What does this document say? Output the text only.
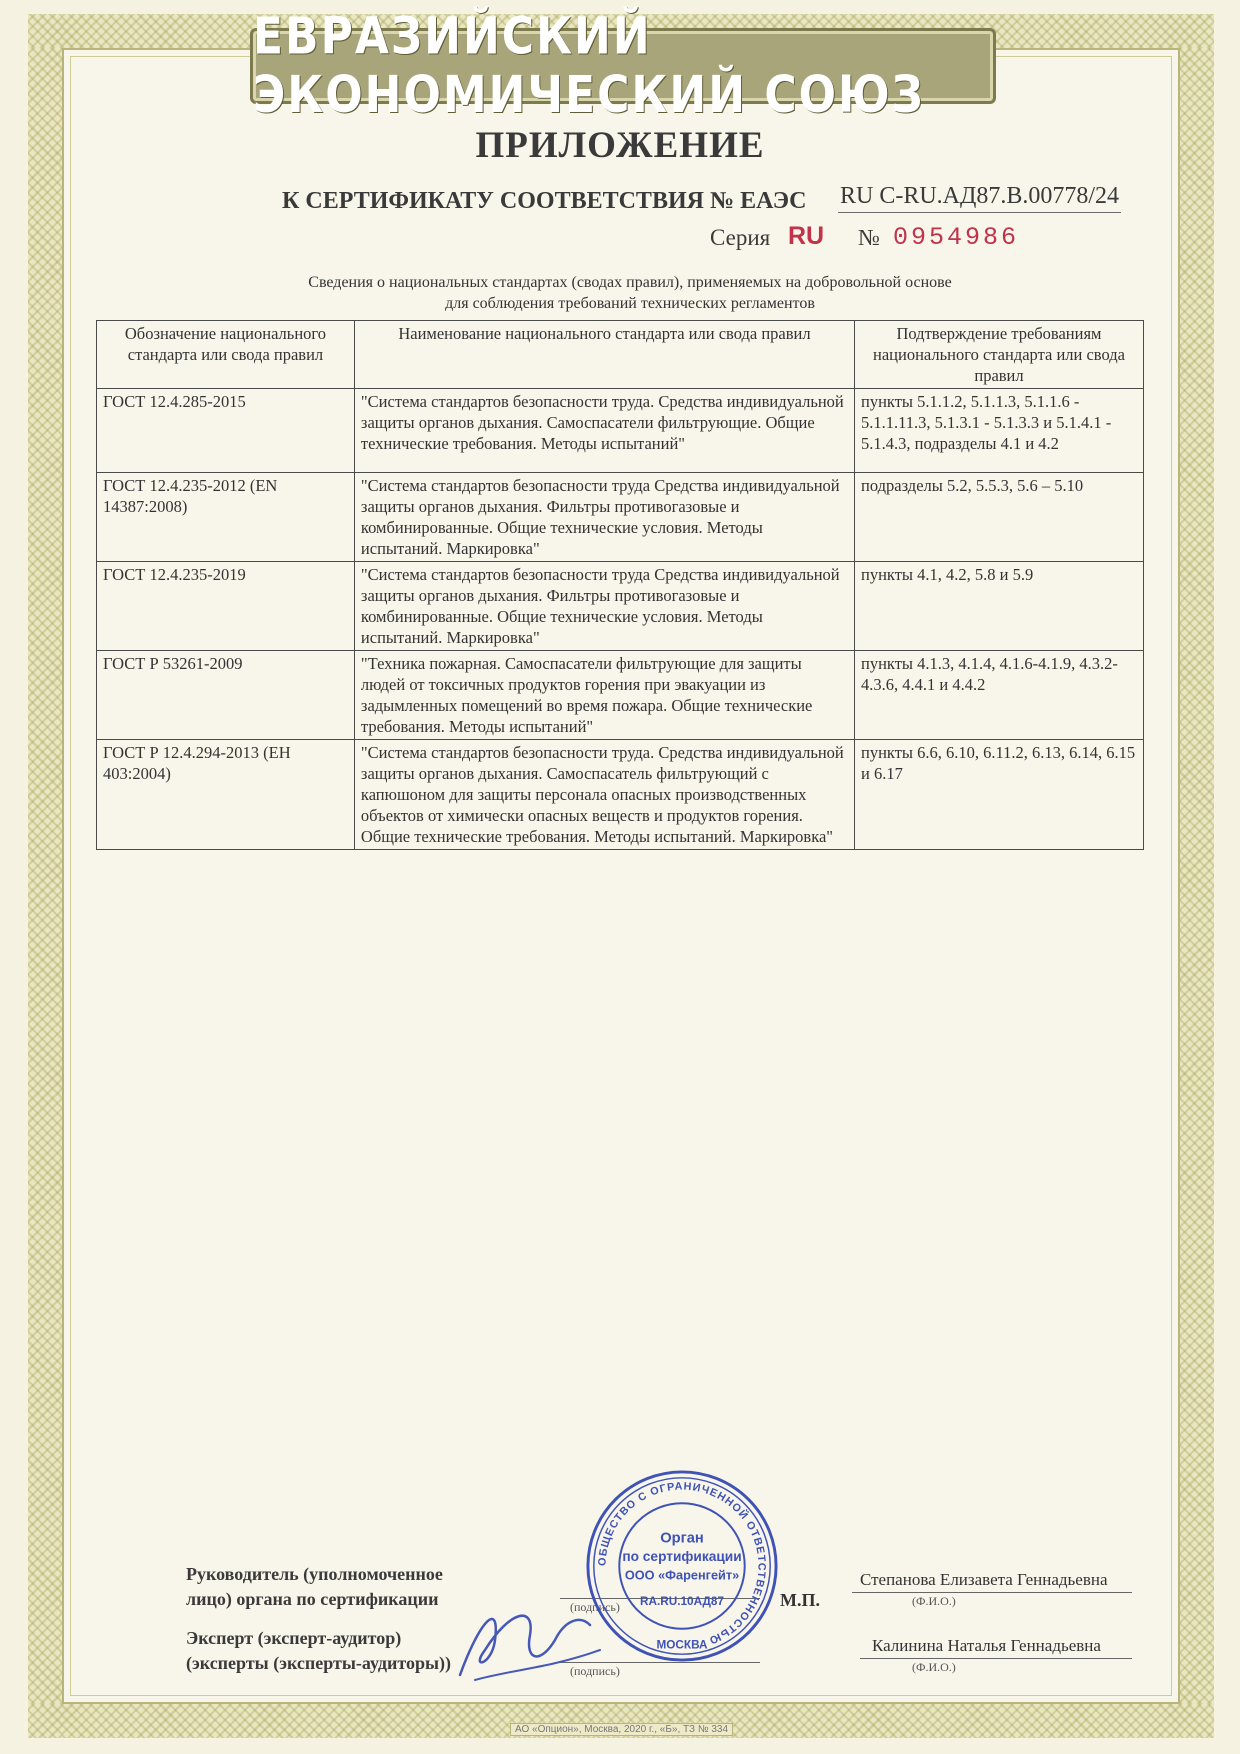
ЕВРАЗИЙСКИЙ ЭКОНОМИЧЕСКИЙ СОЮЗ
ПРИЛОЖЕНИЕ
К СЕРТИФИКАТУ СООТВЕТСТВИЯ № ЕАЭС RU C-RU.АД87.В.00778/24
Серия RU № 0954986
Сведения о национальных стандартах (сводах правил), применяемых на добровольной основе
для соблюдения требований технических регламентов
Обозначение национального стандарта или свода правил	Наименование национального стандарта или свода правил	Подтверждение требованиям национального стандарта или свода правил
ГОСТ 12.4.285-2015	"Система стандартов безопасности труда. Средства индивидуальной защиты органов дыхания. Самоспасатели фильтрующие. Общие технические требования. Методы испытаний"	пункты 5.1.1.2, 5.1.1.3, 5.1.1.6 - 5.1.1.11.3, 5.1.3.1 - 5.1.3.3 и 5.1.4.1 - 5.1.4.3, подразделы 4.1 и 4.2
ГОСТ 12.4.235-2012 (EN 14387:2008)	"Система стандартов безопасности труда Средства индивидуальной защиты органов дыхания. Фильтры противогазовые и комбинированные. Общие технические условия. Методы испытаний. Маркировка"	подразделы 5.2, 5.5.3, 5.6 – 5.10
ГОСТ 12.4.235-2019	"Система стандартов безопасности труда Средства индивидуальной защиты органов дыхания. Фильтры противогазовые и комбинированные. Общие технические условия. Методы испытаний. Маркировка"	пункты 4.1, 4.2, 5.8 и 5.9
ГОСТ Р 53261-2009	"Техника пожарная. Самоспасатели фильтрующие для защиты людей от токсичных продуктов горения при эвакуации из задымленных помещений во время пожара. Общие технические требования. Методы испытаний"	пункты 4.1.3, 4.1.4, 4.1.6-4.1.9, 4.3.2-4.3.6, 4.4.1 и 4.4.2
ГОСТ Р 12.4.294-2013 (ЕН 403:2004)	"Система стандартов безопасности труда. Средства индивидуальной защиты органов дыхания. Самоспасатель фильтрующий с капюшоном для защиты персонала опасных производственных объектов от химически опасных веществ и продуктов горения. Общие технические требования. Методы испытаний. Маркировка"	пункты 6.6, 6.10, 6.11.2, 6.13, 6.14, 6.15 и 6.17
Руководитель (уполномоченное
лицо) органа по сертификации	(подпись)
Степанова Елизавета Геннадьевна
(Ф.И.О.)
М.П.
Эксперт (эксперт-аудитор)
(эксперты (эксперты-аудиторы))	(подпись)
Калинина Наталья Геннадьевна
(Ф.И.О.)
ОБЩЕСТВО С ОГРАНИЧЕННОЙ ОТВЕТСТВЕННОСТЬЮ
Орган
по сертификации
ООО «Фаренгейт»
RA.RU.10АД87
МОСКВА
АО «Опцион», Москва, 2020 г., «Б», ТЗ № 334
